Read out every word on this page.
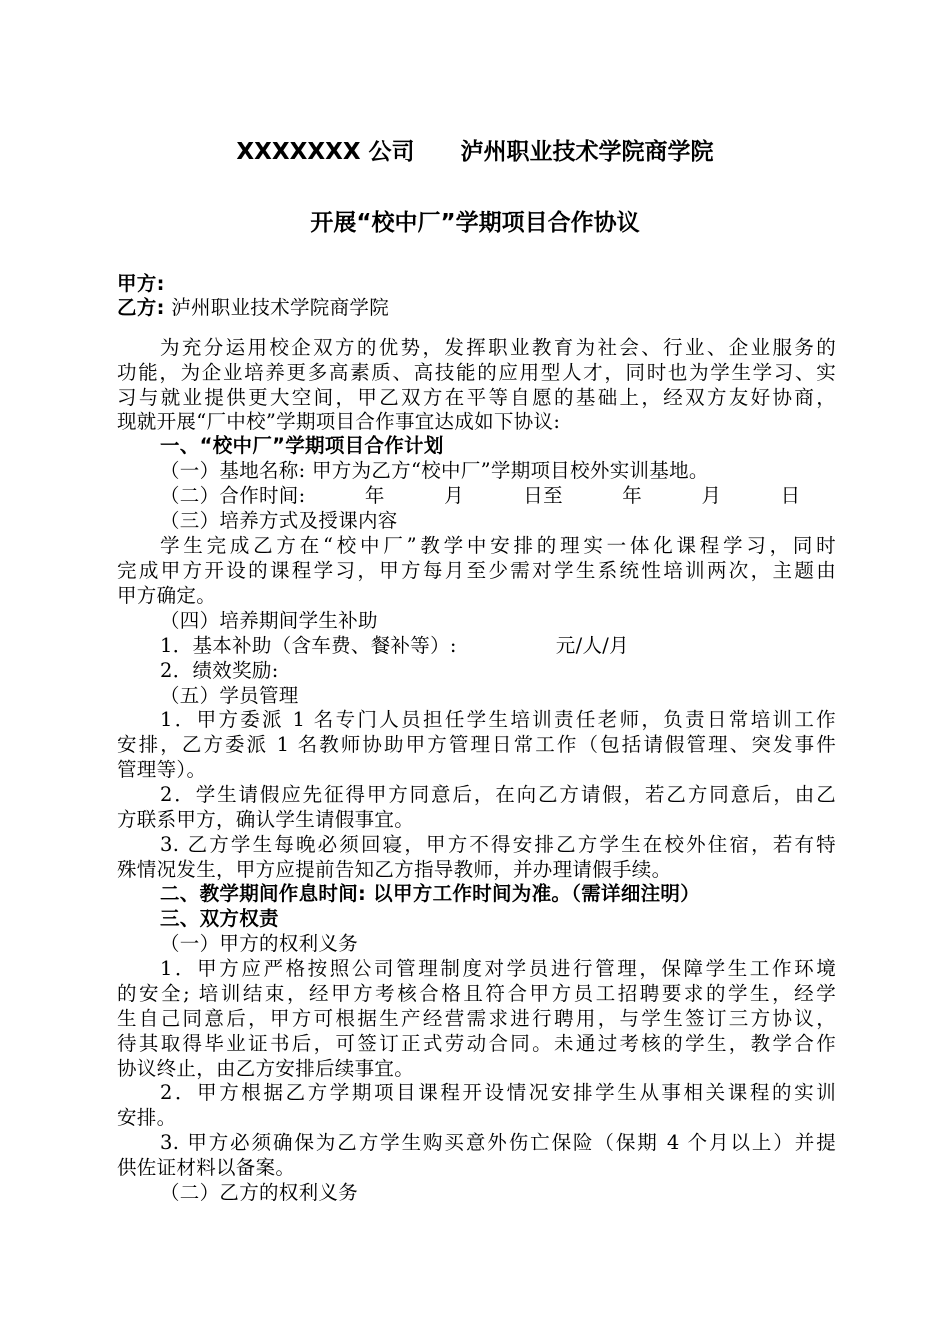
XXXXXXX 公司　　泸州职业技术学院商学院
开展“校中厂”学期项目合作协议
甲方:
乙方: 泸州职业技术学院商学院
为充分运用校企双方的优势，发挥职业教育为社会、行业、企业服务的
功能，为企业培养更多高素质、高技能的应用型人才，同时也为学生学习、实
习与就业提供更大空间，甲乙双方在平等自愿的基础上，经双方友好协商，
现就开展“厂中校”学期项目合作事宜达成如下协议:
一、“校中厂”学期项目合作计划
（一）基地名称: 甲方为乙方“校中厂”学期项目校外实训基地。
（二）合作时间:　　　年　　　月　　　日至　　　年　　　月　　　日
（三）培养方式及授课内容
学生完成乙方在“校中厂”教学中安排的理实一体化课程学习，同时
完成甲方开设的课程学习，甲方每月至少需对学生系统性培训两次，主题由
甲方确定。
（四）培养期间学生补助
1．基本补助（含车费、餐补等）:　　　　　元/人/月
2．绩效奖励:
（五）学员管理
1．甲方委派 1 名专门人员担任学生培训责任老师，负责日常培训工作
安排，乙方委派 1 名教师协助甲方管理日常工作（包括请假管理、突发事件
管理等）。
2．学生请假应先征得甲方同意后，在向乙方请假，若乙方同意后，由乙
方联系甲方，确认学生请假事宜。
3. 乙方学生每晚必须回寝，甲方不得安排乙方学生在校外住宿，若有特
殊情况发生，甲方应提前告知乙方指导教师，并办理请假手续。
二、教学期间作息时间: 以甲方工作时间为准。（需详细注明）
三、双方权责
（一）甲方的权利义务
1．甲方应严格按照公司管理制度对学员进行管理，保障学生工作环境
的安全; 培训结束，经甲方考核合格且符合甲方员工招聘要求的学生，经学
生自己同意后，甲方可根据生产经营需求进行聘用，与学生签订三方协议，
待其取得毕业证书后，可签订正式劳动合同。未通过考核的学生，教学合作
协议终止，由乙方安排后续事宜。
2．甲方根据乙方学期项目课程开设情况安排学生从事相关课程的实训
安排。
3. 甲方必须确保为乙方学生购买意外伤亡保险（保期 4 个月以上）并提
供佐证材料以备案。
（二）乙方的权利义务
